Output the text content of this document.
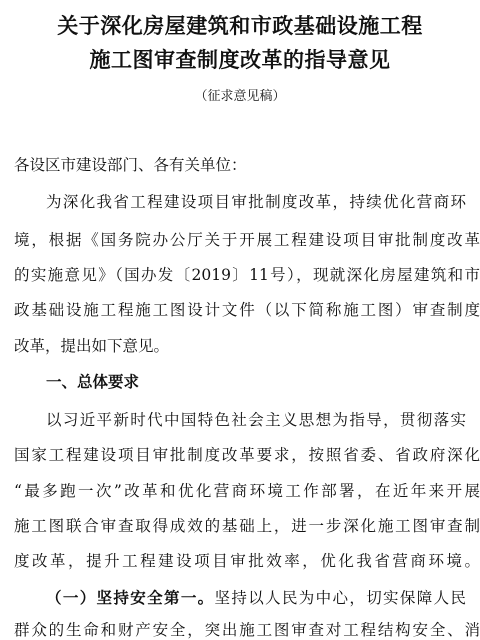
关于深化房屋建筑和市政基础设施工程
施工图审查制度改革的指导意见
（征求意见稿）
各设区市建设部门、各有关单位：
为深化我省工程建设项目审批制度改革，持续优化营商环
境，根据《国务院办公厅关于开展工程建设项目审批制度改革
的实施意见》（国办发〔2019〕11号），现就深化房屋建筑和市
政基础设施工程施工图设计文件（以下简称施工图）审查制度
改革，提出如下意见。
一、总体要求
以习近平新时代中国特色社会主义思想为指导，贯彻落实
国家工程建设项目审批制度改革要求，按照省委、省政府深化
“最多跑一次”改革和优化营商环境工作部署，在近年来开展
施工图联合审查取得成效的基础上，进一步深化施工图审查制
度改革，提升工程建设项目审批效率，优化我省营商环境。
（一）坚持安全第一。坚持以人民为中心，切实保障人民
群众的生命和财产安全，突出施工图审查对工程结构安全、消
